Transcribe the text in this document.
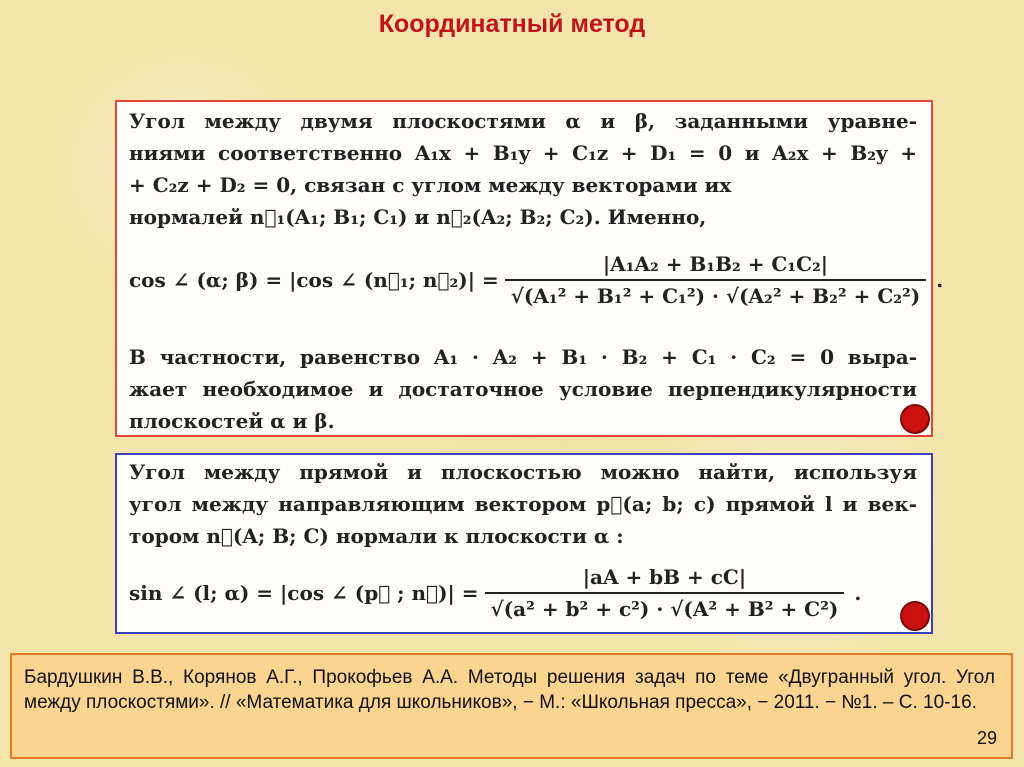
Координатный метод
Угол между двумя плоскостями α и β, заданными уравне-
ниями соответственно A₁x + B₁y + C₁z + D₁ = 0 и A₂x + B₂y +
+ C₂z + D₂ = 0, связан с углом между векторами их
нормалей n⃗₁(A₁; B₁; C₁) и n⃗₂(A₂; B₂; C₂). Именно,
cos ∠ (α; β) = |cos ∠ (n⃗₁; n⃗₂)| = $\frac{\text{|A₁A₂ + B₁B₂ + C₁C₂|}}{\text{√(A₁² + B₁² + C₁²) · √(A₂² + B₂² + C₂²)}}$ .
В частности, равенство A₁ · A₂ + B₁ · B₂ + C₁ · C₂ = 0 выра-
жает необходимое и достаточное условие перпендикулярности
плоскостей α и β.
Угол между прямой и плоскостью можно найти, используя
угол между направляющим вектором p⃗(a; b; c) прямой l и век-
тором n⃗(A; B; C) нормали к плоскости α :
sin ∠ (l; α) = |cos ∠ (p⃗ ; n⃗)| = $\frac{|aA + bB + cC|}{\text{√(a² + b² + c²) · √(A² + B² + C²)}}$ .
Бардушкин В.В., Корянов А.Г., Прокофьев А.А. Методы решения задач по теме «Двугранный угол. Угол между плоскостями». // «Математика для школьников», − М.: «Школьная пресса», − 2011. − №1. – С. 10-16.
29
